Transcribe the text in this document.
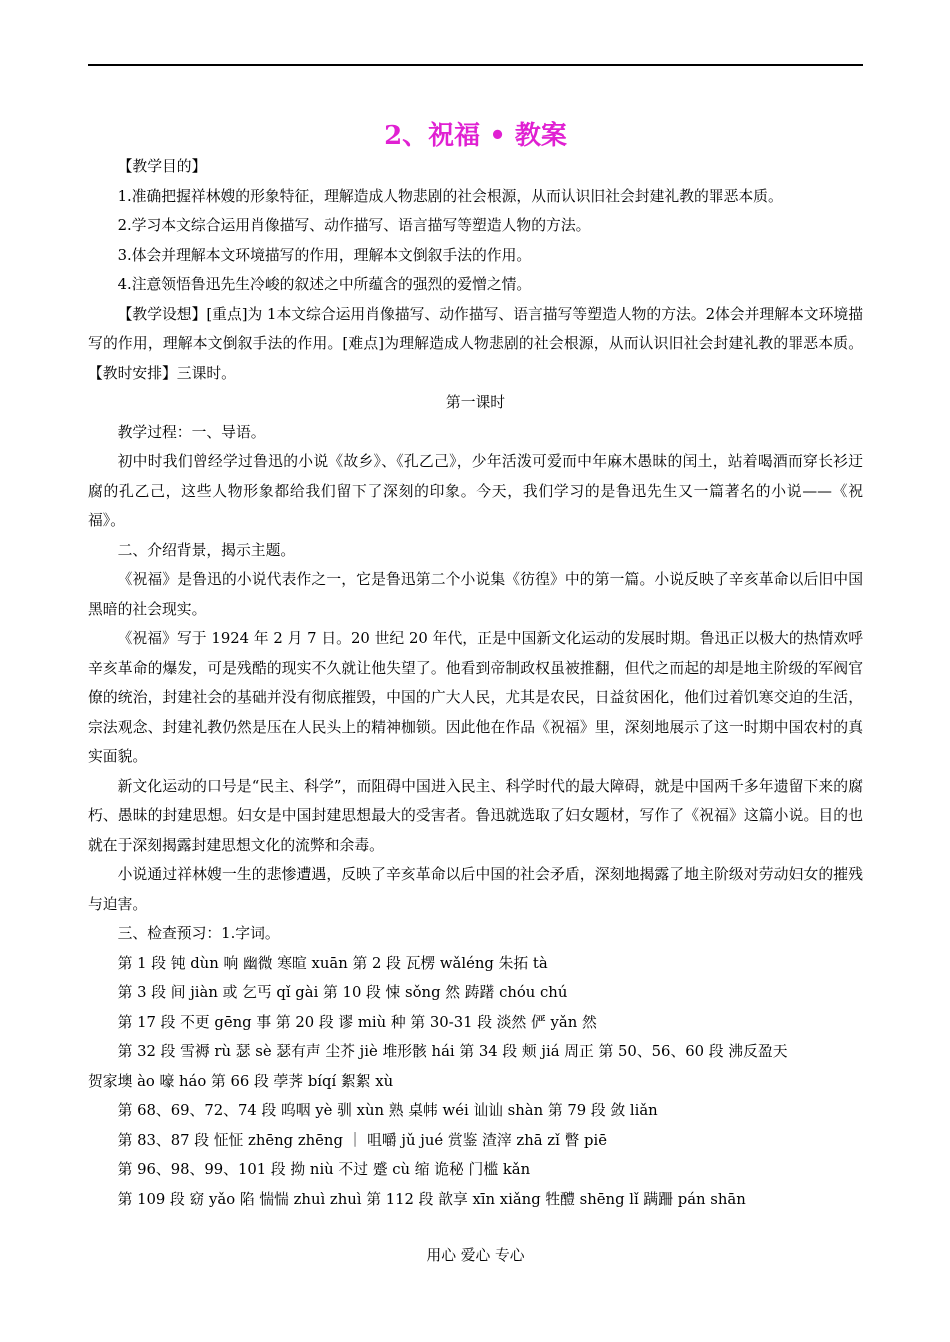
2、祝福 • 教案

【教学目的】

1.准确把握祥林嫂的形象特征，理解造成人物悲剧的社会根源，从而认识旧社会封建礼教的罪恶本质。

2.学习本文综合运用肖像描写、动作描写、语言描写等塑造人物的方法。

3.体会并理解本文环境描写的作用，理解本文倒叙手法的作用。

4.注意领悟鲁迅先生冷峻的叙述之中所蕴含的强烈的爱憎之情。

【教学设想】[重点]为 1本文综合运用肖像描写、动作描写、语言描写等塑造人物的方法。2体会并理解本文环境描写的作用，理解本文倒叙手法的作用。[难点]为理解造成人物悲剧的社会根源，从而认识旧社会封建礼教的罪恶本质。【教时安排】三课时。

第一课时

教学过程：一、导语。

初中时我们曾经学过鲁迅的小说《故乡》、《孔乙己》，少年活泼可爱而中年麻木愚昧的闰土，站着喝酒而穿长衫迂腐的孔乙己，这些人物形象都给我们留下了深刻的印象。今天，我们学习的是鲁迅先生又一篇著名的小说——《祝福》。

二、介绍背景，揭示主题。

《祝福》是鲁迅的小说代表作之一，它是鲁迅第二个小说集《彷徨》中的第一篇。小说反映了辛亥革命以后旧中国黑暗的社会现实。

《祝福》写于 1924 年 2 月 7 日。20 世纪 20 年代，正是中国新文化运动的发展时期。鲁迅正以极大的热情欢呼辛亥革命的爆发，可是残酷的现实不久就让他失望了。他看到帝制政权虽被推翻，但代之而起的却是地主阶级的军阀官僚的统治，封建社会的基础并没有彻底摧毁，中国的广大人民，尤其是农民，日益贫困化，他们过着饥寒交迫的生活，宗法观念、封建礼教仍然是压在人民头上的精神枷锁。因此他在作品《祝福》里，深刻地展示了这一时期中国农村的真实面貌。

新文化运动的口号是“民主、科学”，而阻碍中国进入民主、科学时代的最大障碍，就是中国两千多年遗留下来的腐朽、愚昧的封建思想。妇女是中国封建思想最大的受害者。鲁迅就选取了妇女题材，写作了《祝福》这篇小说。目的也就在于深刻揭露封建思想文化的流弊和余毒。

小说通过祥林嫂一生的悲惨遭遇，反映了辛亥革命以后中国的社会矛盾，深刻地揭露了地主阶级对劳动妇女的摧残与迫害。

三、检查预习：1.字词。

第 1 段 钝 dùn 响 幽微 寒暄 xuān 第 2 段 瓦楞 wǎléng 朱拓 tà

第 3 段 间 jiàn 或 乞丐 qǐ gài 第 10 段 悚 sǒng 然 踌躇 chóu chú

第 17 段 不更 gēng 事 第 20 段 谬 miù 种 第 30-31 段 淡然 俨 yǎn 然

第 32 段 雪褥 rù 瑟 sè 瑟有声 尘芥 jiè 堆形骸 hái 第 34 段 颊 jiá 周正 第 50、56、60 段 沸反盈天

贺家墺 ào 嚎 háo 第 66 段 荸荠 bíqí 絮絮 xù

第 68、69、72、74 段 呜咽 yè 驯 xùn 熟 桌帏 wéi 讪讪 shàn 第 79 段 敛 liǎn

第 83、87 段 怔怔 zhēng zhēng ｜ 咀嚼 jǔ jué 赏鉴 渣滓 zhā zǐ 瞥 piē

第 96、98、99、101 段 拗 niù 不过 蹙 cù 缩 诡秘 门槛 kǎn

第 109 段 窈 yǎo 陷 惴惴 zhuì zhuì 第 112 段 歆享 xīn xiǎng 牲醴 shēng lǐ 蹒跚 pán shān

用心 爱心 专心
